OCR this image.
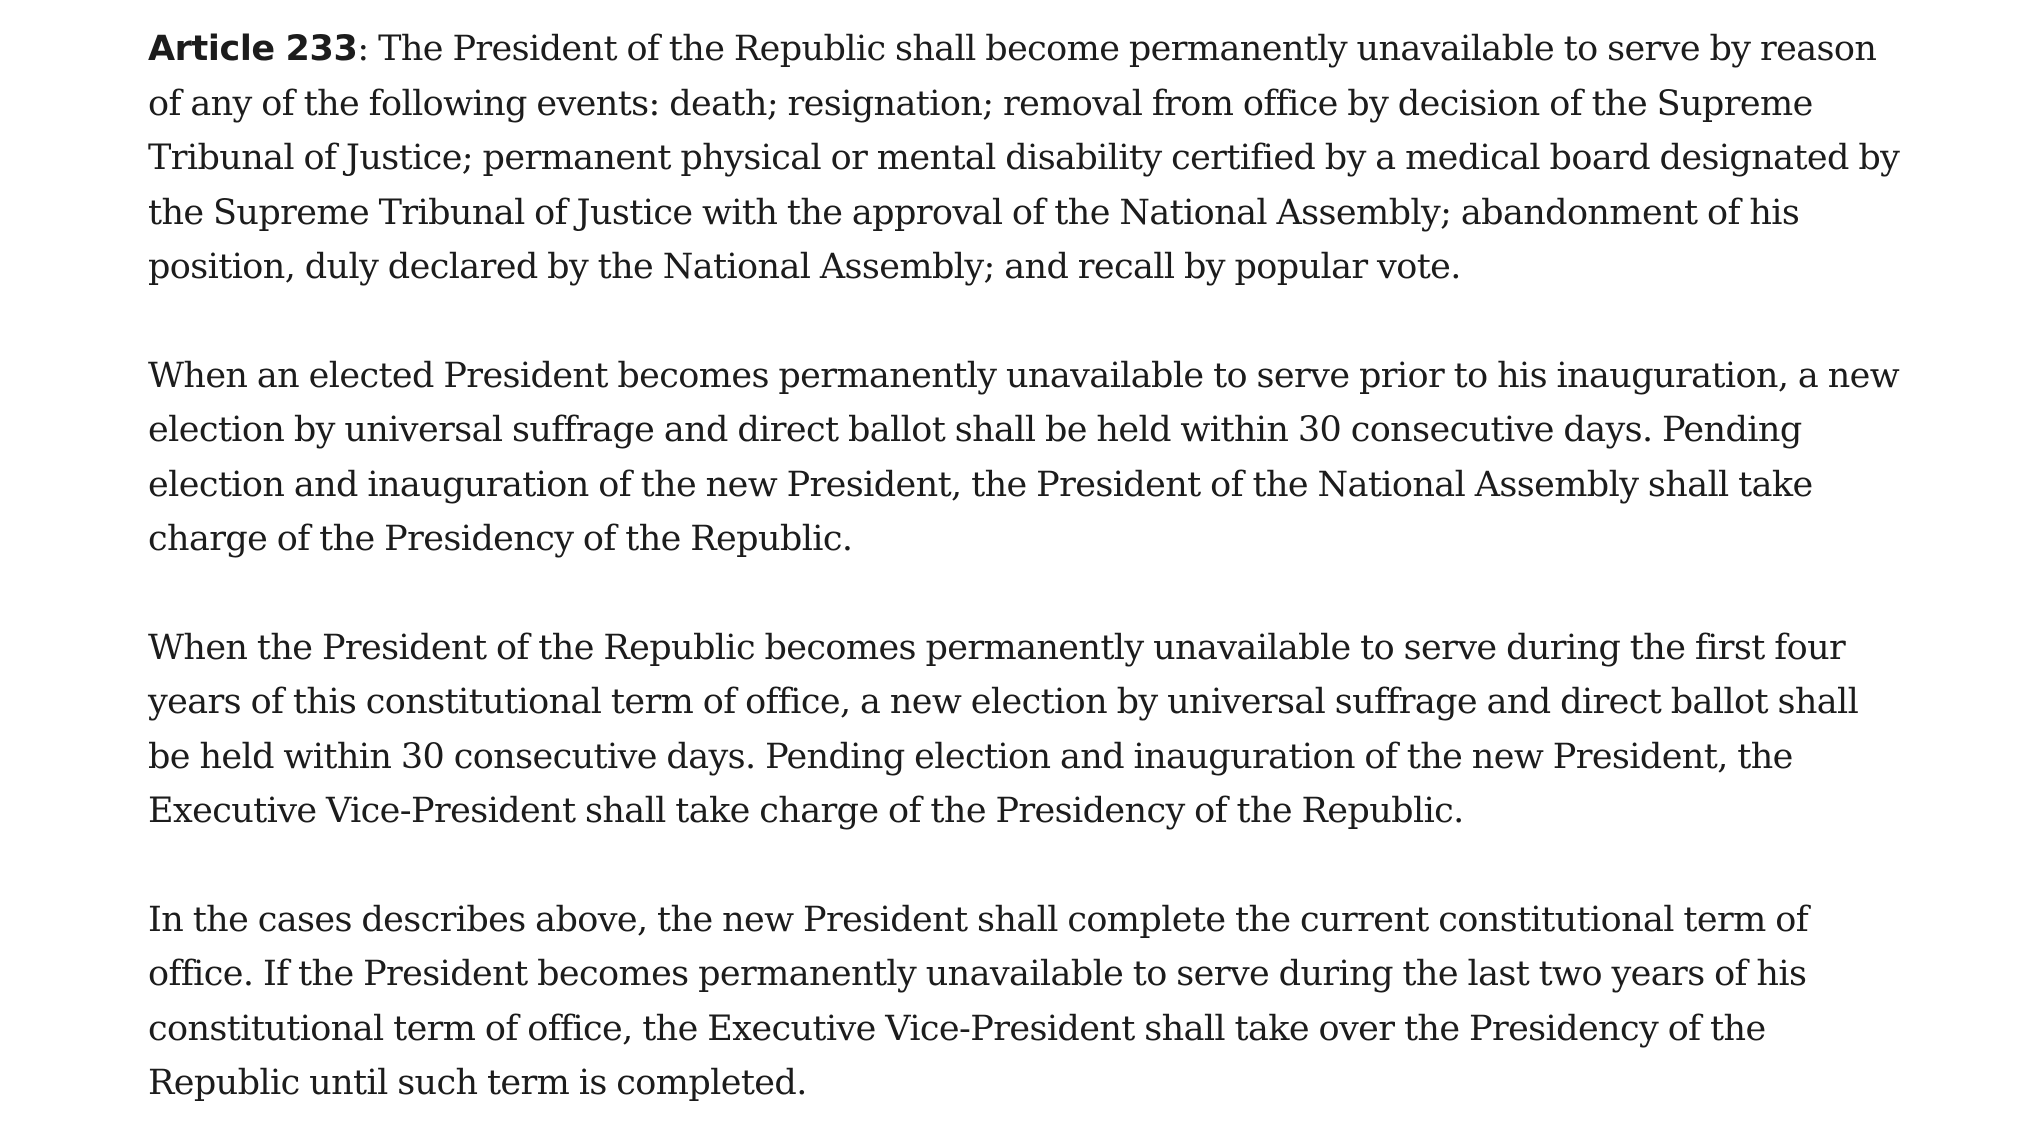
Article 233: The President of the Republic shall become permanently unavailable to serve by reason of any of the following events: death; resignation; removal from office by decision of the Supreme Tribunal of Justice; permanent physical or mental disability certified by a medical board designated by the Supreme Tribunal of Justice with the approval of the National Assembly; abandonment of his position, duly declared by the National Assembly; and recall by popular vote.

When an elected President becomes permanently unavailable to serve prior to his inauguration, a new election by universal suffrage and direct ballot shall be held within 30 consecutive days. Pending election and inauguration of the new President, the President of the National Assembly shall take charge of the Presidency of the Republic.

When the President of the Republic becomes permanently unavailable to serve during the first four years of this constitutional term of office, a new election by universal suffrage and direct ballot shall be held within 30 consecutive days. Pending election and inauguration of the new President, the Executive Vice-President shall take charge of the Presidency of the Republic.

In the cases describes above, the new President shall complete the current constitutional term of office. If the President becomes permanently unavailable to serve during the last two years of his constitutional term of office, the Executive Vice-President shall take over the Presidency of the Republic until such term is completed.
